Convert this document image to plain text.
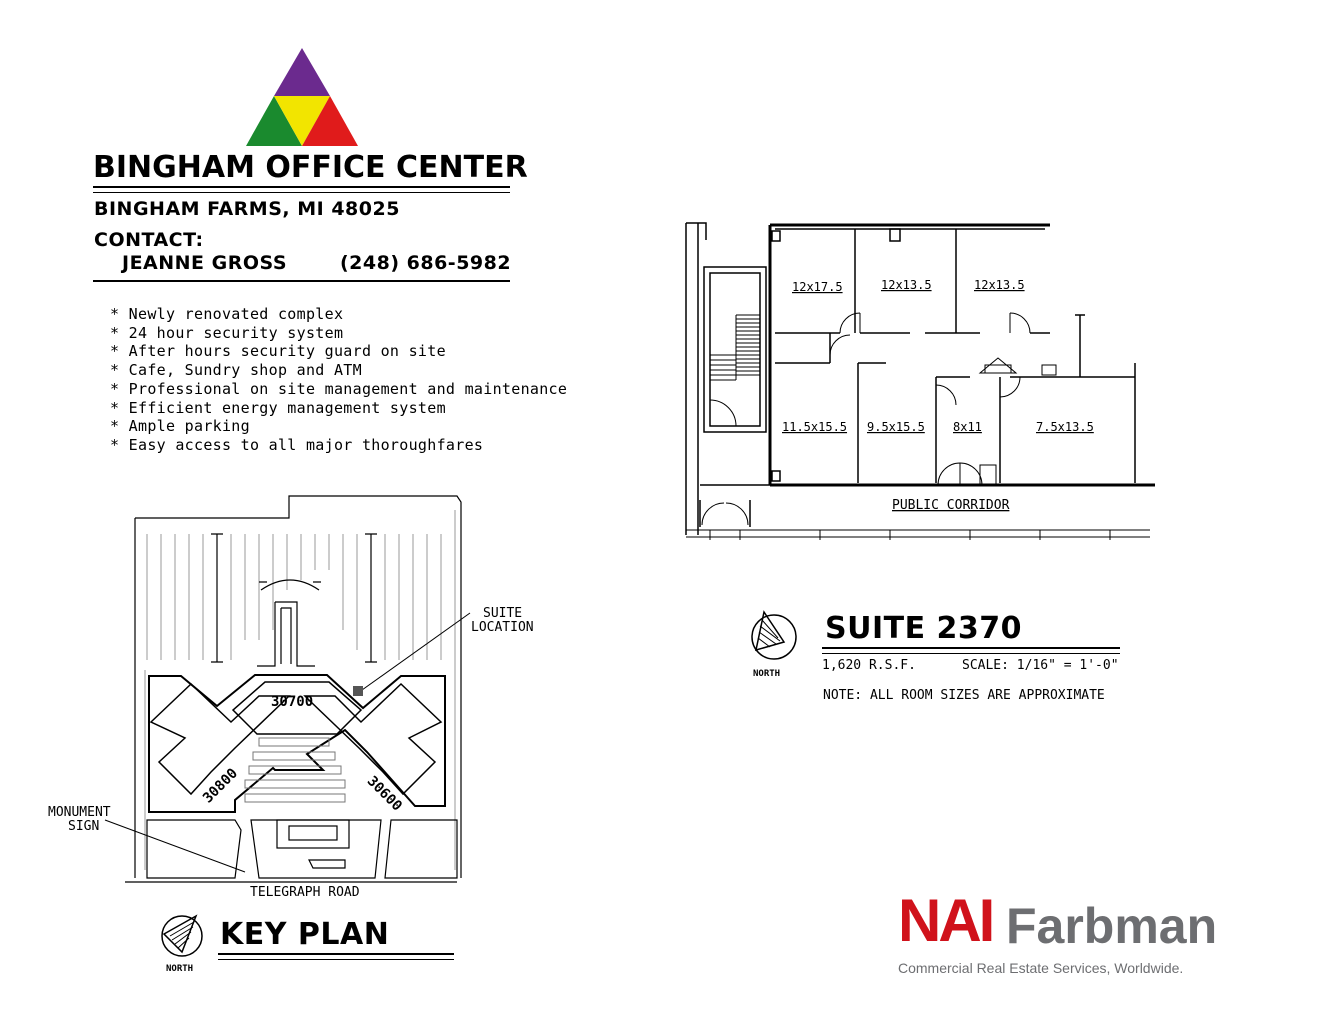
BINGHAM OFFICE CENTER
BINGHAM FARMS, MI 48025
CONTACT:
JEANNE GROSS	(248) 686-5982
* Newly renovated complex
* 24 hour security system
* After hours security guard on site
* Cafe, Sundry shop and ATM
* Professional on site management and maintenance
* Efficient energy management system
* Ample parking
* Easy access to all major thoroughfares
12x17.5	12x13.5	12x13.5
11.5x15.5 9.5x15.5 8x11	7.5x13.5
PUBLIC CORRIDOR
NORTH
SUITE 2370
1,620 R.S.F.	SCALE: 1/16" = 1'-0"
NOTE: ALL ROOM SIZES ARE APPROXIMATE
30700
30800	30600
SUITE
LOCATION
MONUMENT
SIGN
TELEGRAPH ROAD
NORTH
KEY PLAN	NAI Farbman
Commercial Real Estate Services, Worldwide.
